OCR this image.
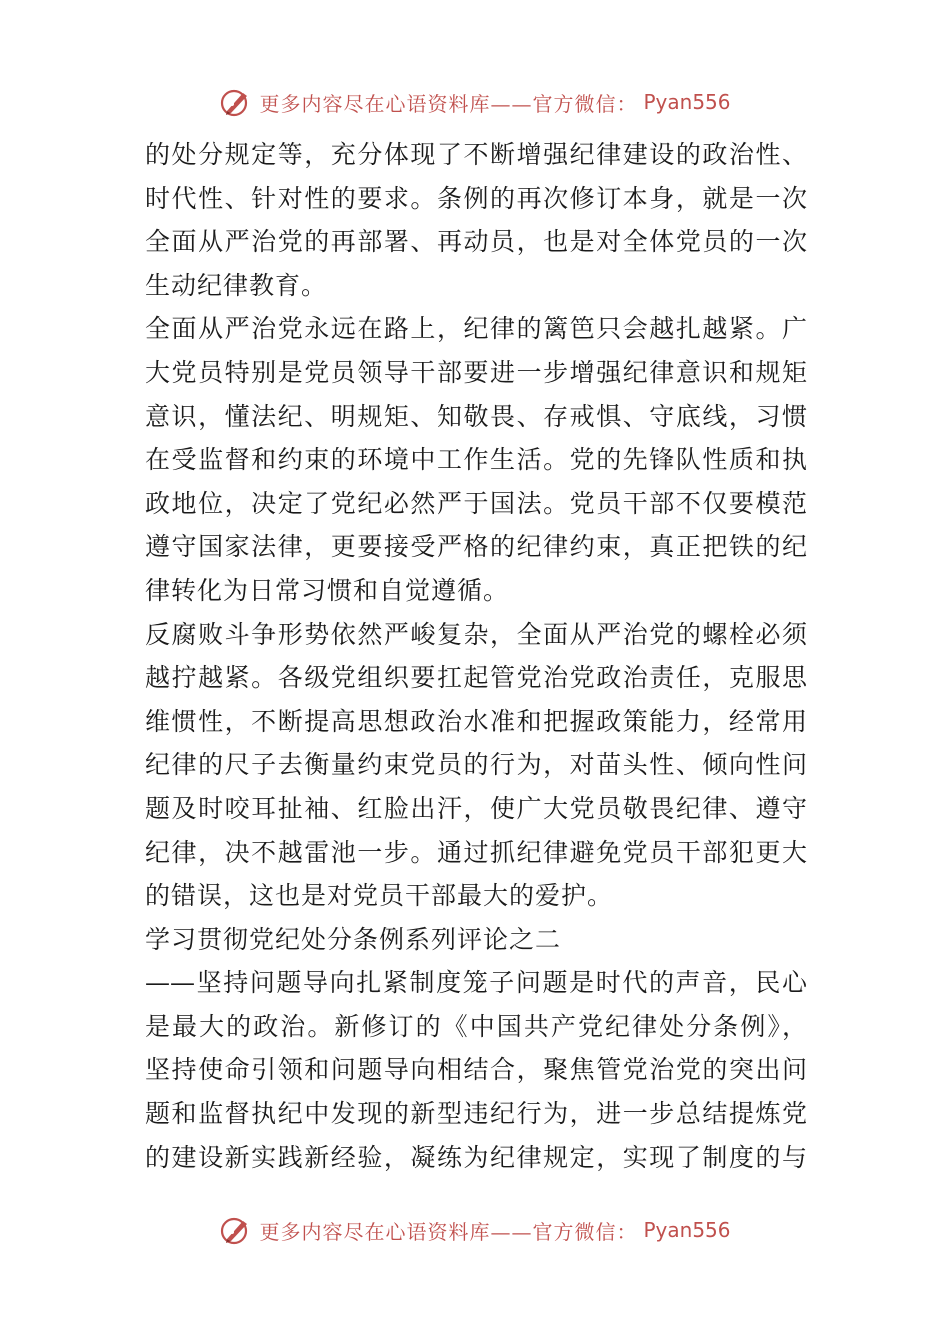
更多内容尽在心语资料库——官方微信： Pyan556
的处分规定等，充分体现了不断增强纪律建设的政治性、
时代性、针对性的要求。条例的再次修订本身，就是一次
全面从严治党的再部署、再动员，也是对全体党员的一次
生动纪律教育。
全面从严治党永远在路上，纪律的篱笆只会越扎越紧。广
大党员特别是党员领导干部要进一步增强纪律意识和规矩
意识，懂法纪、明规矩、知敬畏、存戒惧、守底线，习惯
在受监督和约束的环境中工作生活。党的先锋队性质和执
政地位，决定了党纪必然严于国法。党员干部不仅要模范
遵守国家法律，更要接受严格的纪律约束，真正把铁的纪
律转化为日常习惯和自觉遵循。
反腐败斗争形势依然严峻复杂，全面从严治党的螺栓必须
越拧越紧。各级党组织要扛起管党治党政治责任，克服思
维惯性，不断提高思想政治水准和把握政策能力，经常用
纪律的尺子去衡量约束党员的行为，对苗头性、倾向性问
题及时咬耳扯袖、红脸出汗，使广大党员敬畏纪律、遵守
纪律，决不越雷池一步。通过抓纪律避免党员干部犯更大
的错误，这也是对党员干部最大的爱护。
学习贯彻党纪处分条例系列评论之二
——坚持问题导向扎紧制度笼子问题是时代的声音，民心
是最大的政治。新修订的《中国共产党纪律处分条例》，
坚持使命引领和问题导向相结合，聚焦管党治党的突出问
题和监督执纪中发现的新型违纪行为，进一步总结提炼党
的建设新实践新经验，凝练为纪律规定，实现了制度的与
更多内容尽在心语资料库——官方微信： Pyan556
